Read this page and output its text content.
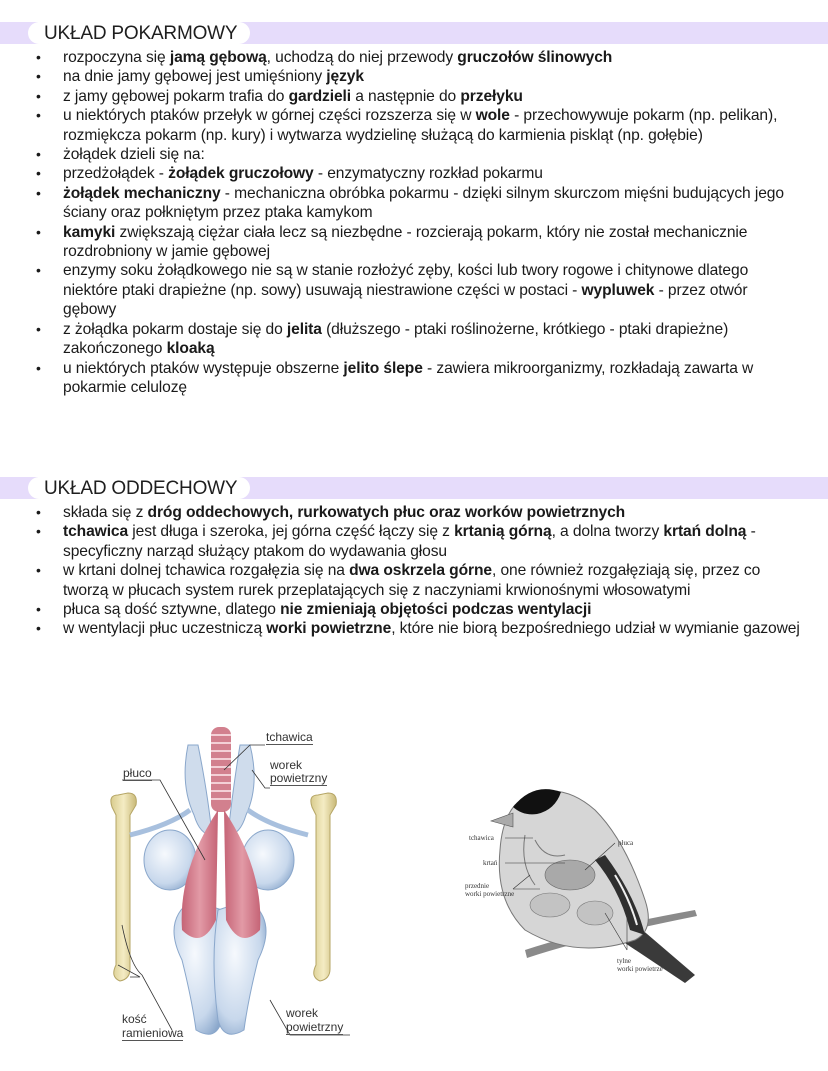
UKŁAD POKARMOWY
• rozpoczyna się jamą gębową, uchodzą do niej przewody gruczołów ślinowych
• na dnie jamy gębowej jest umięśniony język
• z jamy gębowej pokarm trafia do gardzieli a następnie do przełyku
• u niektórych ptaków przełyk w górnej części rozszerza się w wole - przechowywuje pokarm (np. pelikan), rozmiękcza pokarm (np. kury) i wytwarza wydzielinę służącą do karmienia piskląt (np. gołębie)
• żołądek dzieli się na:
• przedżołądek - żołądek gruczołowy - enzymatyczny rozkład pokarmu
• żołądek mechaniczny - mechaniczna obróbka pokarmu - dzięki silnym skurczom mięśni budujących jego ściany oraz połkniętym przez ptaka kamykom
• kamyki zwiększają ciężar ciała lecz są niezbędne - rozcierają pokarm, który nie został mechanicznie rozdrobniony w jamie gębowej
• enzymy soku żołądkowego nie są w stanie rozłożyć zęby, kości lub twory rogowe i chitynowe dlatego niektóre ptaki drapieżne (np. sowy) usuwają niestrawione części w postaci - wypluwek - przez otwór gębowy
• z żołądka pokarm dostaje się do jelita (dłuższego - ptaki roślinożerne, krótkiego - ptaki drapieżne) zakończonego kloaką
• u niektórych ptaków występuje obszerne jelito ślepe - zawiera mikroorganizmy, rozkładają zawarta w pokarmie celulozę
UKŁAD ODDECHOWY
• składa się z dróg oddechowych, rurkowatych płuc oraz worków powietrznych
• tchawica jest długa i szeroka, jej górna część łączy się z krtanią górną, a dolna tworzy krtań dolną - specyficzny narząd służący ptakom do wydawania głosu
• w krtani dolnej tchawica rozgałęzia się na dwa oskrzela górne, one również rozgałęziają się, przez co tworzą w płucach system rurek przeplatających się z naczyniami krwionośnymi włosowatymi
• płuca są dość sztywne, dlatego nie zmieniają objętości podczas wentylacji
• w wentylacji płuc uczestniczą worki powietrzne, które nie biorą bezpośredniego udział w wymianie gazowej
tchawica
worek
powietrzny
płuco
kość
ramieniowa
worek
powietrzny
tchawica
krtań
przednie
worki powietrzne
płuca
tylne
worki powietrze
